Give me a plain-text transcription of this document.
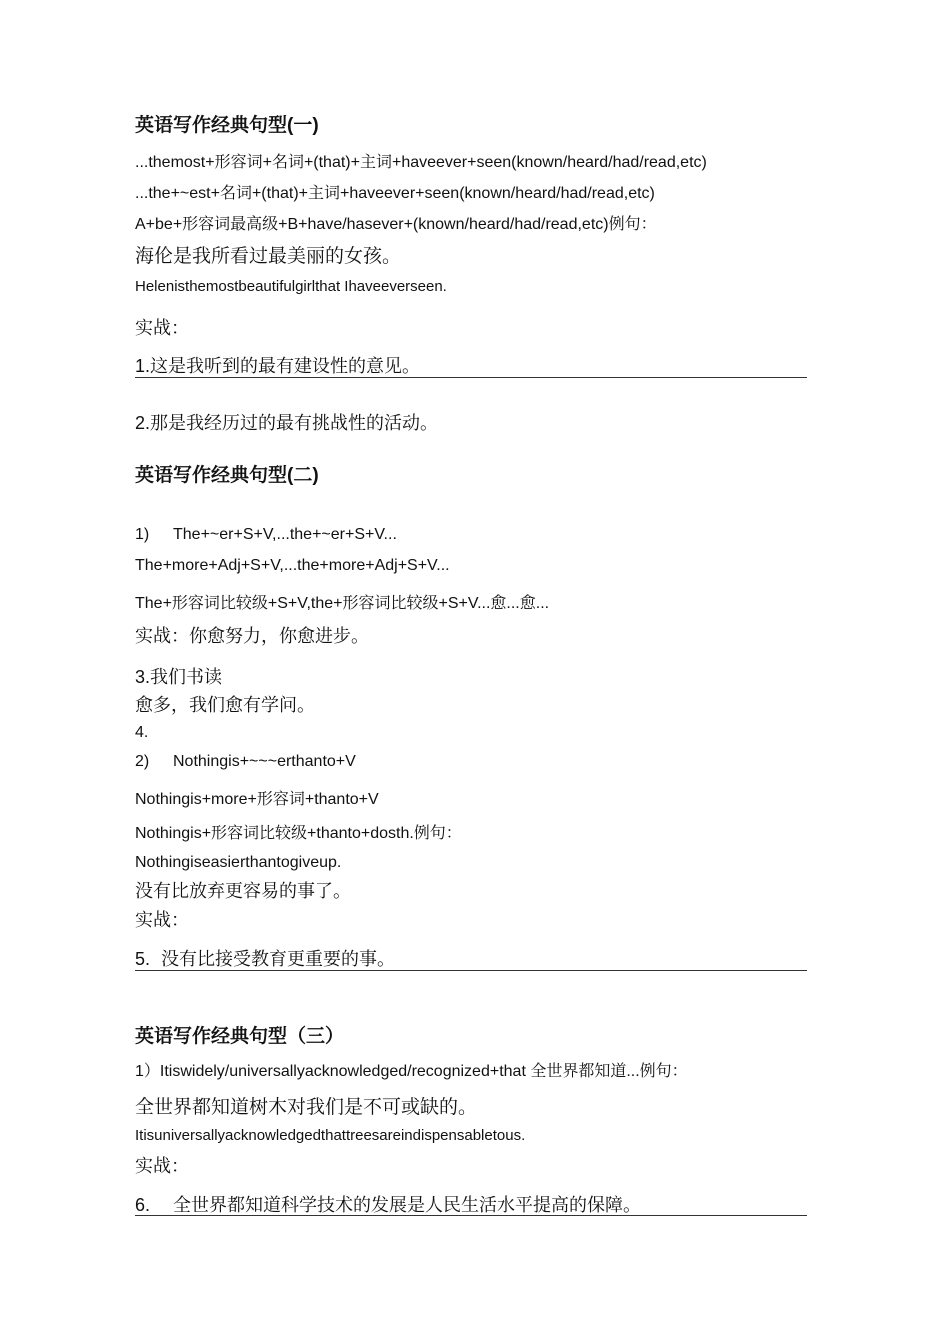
英语写作经典句型(一)
...themost+形容词+名词+(that)+主词+haveever+seen(known/heard/had/read,etc)
...the+~est+名词+(that)+主词+haveever+seen(known/heard/had/read,etc)
A+be+形容词最高级+B+have/hasever+(known/heard/had/read,etc)例句：
海伦是我所看过最美丽的女孩。
Helenisthemostbeautifulgirlthat Ihaveeverseen.
实战：
1.这是我听到的最有建设性的意见。
2.那是我经历过的最有挑战性的活动。
英语写作经典句型(二)
1) The+~er+S+V,...the+~er+S+V...
The+more+Adj+S+V,...the+more+Adj+S+V...
The+形容词比较级+S+V,the+形容词比较级+S+V...愈...愈...
实战：你愈努力，你愈进步。
3.我们书读
愈多，我们愈有学问。
4.
2) Nothingis+~~~erthanto+V
Nothingis+more+形容词+thanto+V
Nothingis+形容词比较级+thanto+dosth.例句：
Nothingiseasierthantogiveup.
没有比放弃更容易的事了。
实战：
5. 没有比接受教育更重要的事。
英语写作经典句型（三）
1）Itiswidely/universallyacknowledged/recognized+that 全世界都知道...例句：
全世界都知道树木对我们是不可或缺的。
Itisuniversallyacknowledgedthattreesareindispensabletous.
实战：
6. 全世界都知道科学技术的发展是人民生活水平提高的保障。
